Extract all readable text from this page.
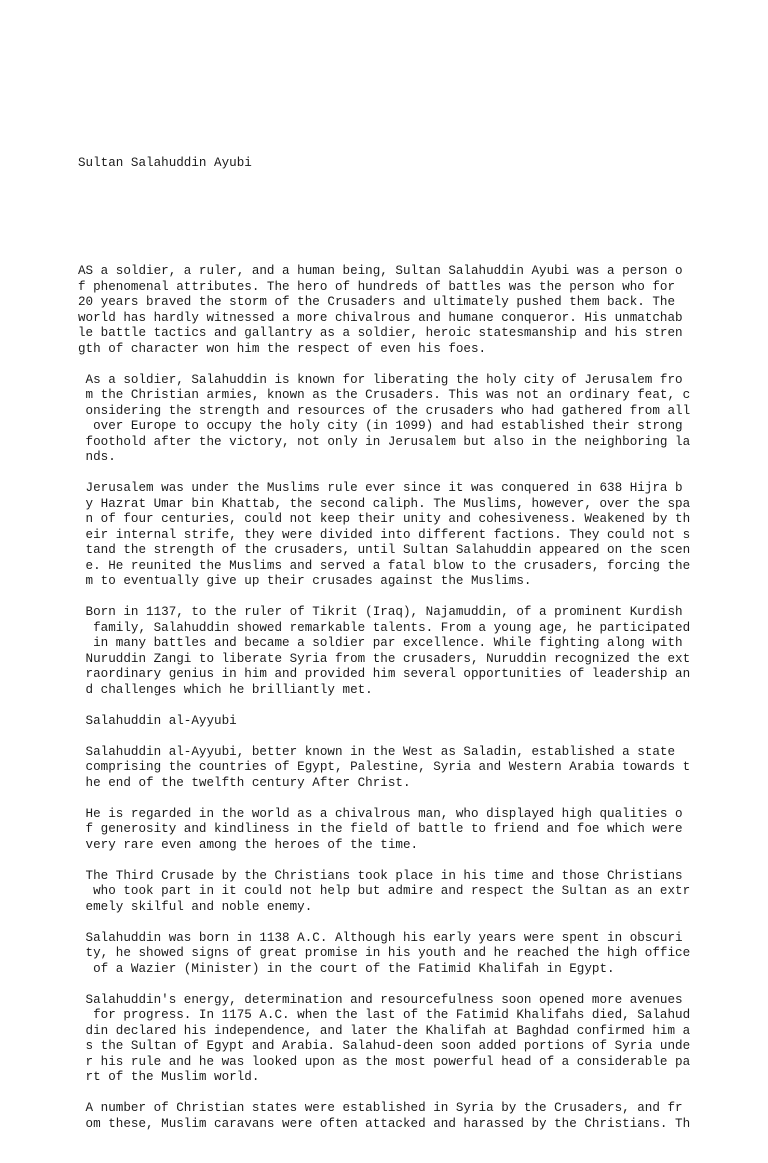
Sultan Salahuddin Ayubi

AS a soldier, a ruler, and a human being, Sultan Salahuddin Ayubi was a person o
f phenomenal attributes. The hero of hundreds of battles was the person who for
20 years braved the storm of the Crusaders and ultimately pushed them back. The
world has hardly witnessed a more chivalrous and humane conqueror. His unmatchab
le battle tactics and gallantry as a soldier, heroic statesmanship and his stren
gth of character won him the respect of even his foes.
As a soldier, Salahuddin is known for liberating the holy city of Jerusalem fro
m the Christian armies, known as the Crusaders. This was not an ordinary feat, c
onsidering the strength and resources of the crusaders who had gathered from all
over Europe to occupy the holy city (in 1099) and had established their strong
foothold after the victory, not only in Jerusalem but also in the neighboring la
nds.
Jerusalem was under the Muslims rule ever since it was conquered in 638 Hijra b
y Hazrat Umar bin Khattab, the second caliph. The Muslims, however, over the spa
n of four centuries, could not keep their unity and cohesiveness. Weakened by th
eir internal strife, they were divided into different factions. They could not s
tand the strength of the crusaders, until Sultan Salahuddin appeared on the scen
e. He reunited the Muslims and served a fatal blow to the crusaders, forcing the
m to eventually give up their crusades against the Muslims.
Born in 1137, to the ruler of Tikrit (Iraq), Najamuddin, of a prominent Kurdish
family, Salahuddin showed remarkable talents. From a young age, he participated
in many battles and became a soldier par excellence. While fighting along with
Nuruddin Zangi to liberate Syria from the crusaders, Nuruddin recognized the ext
raordinary genius in him and provided him several opportunities of leadership an
d challenges which he brilliantly met.
Salahuddin al-Ayyubi
Salahuddin al-Ayyubi, better known in the West as Saladin, established a state
comprising the countries of Egypt, Palestine, Syria and Western Arabia towards t
he end of the twelfth century After Christ.
He is regarded in the world as a chivalrous man, who displayed high qualities o
f generosity and kindliness in the field of battle to friend and foe which were
very rare even among the heroes of the time.
The Third Crusade by the Christians took place in his time and those Christians
who took part in it could not help but admire and respect the Sultan as an extr
emely skilful and noble enemy.
Salahuddin was born in 1138 A.C. Although his early years were spent in obscuri
ty, he showed signs of great promise in his youth and he reached the high office
of a Wazier (Minister) in the court of the Fatimid Khalifah in Egypt.
Salahuddin's energy, determination and resourcefulness soon opened more avenues
for progress. In 1175 A.C. when the last of the Fatimid Khalifahs died, Salahud
din declared his independence, and later the Khalifah at Baghdad confirmed him a
s the Sultan of Egypt and Arabia. Salahud-deen soon added portions of Syria unde
r his rule and he was looked upon as the most powerful head of a considerable pa
rt of the Muslim world.
A number of Christian states were established in Syria by the Crusaders, and fr
om these, Muslim caravans were often attacked and harassed by the Christians. Th
